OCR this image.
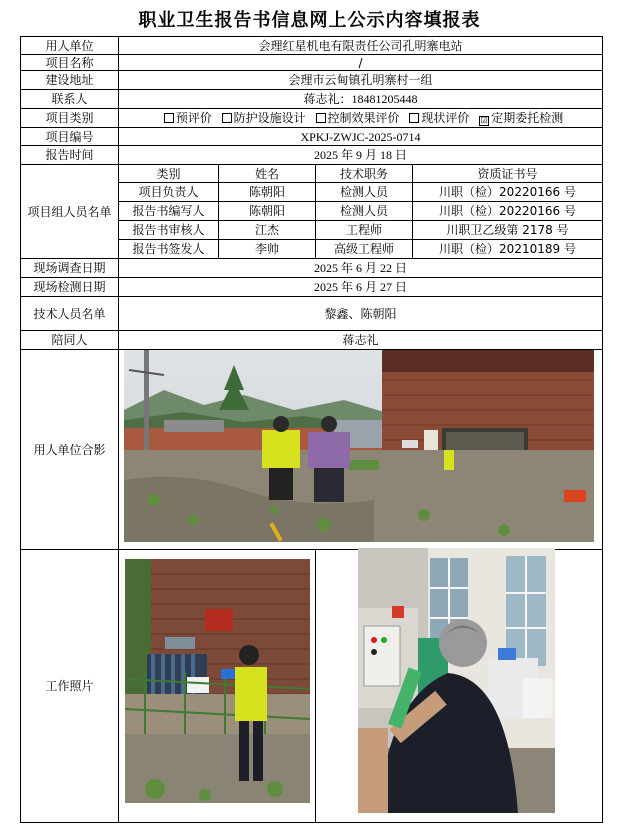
职业卫生报告书信息网上公示内容填报表
用人单位	会理红星机电有限责任公司孔明寨电站			
项目名称	/			
建设地址	会理市云甸镇孔明寨村一组			
联系人	蒋志礼：18481205448			
项目类别	预评价 防护设施设计 控制效果评价 现状评价 ☑ 定期委托检测			
项目编号	XPKJ-ZWJC-2025-0714			
报告时间	2025 年 9 月 18 日			
项目组人员名单	类别	姓名	技术职务	资质证书号
	项目负责人	陈朝阳	检测人员	川职（检）20220166 号
	报告书编写人	陈朝阳	检测人员	川职（检）20220166 号
	报告书审核人	江杰	工程师	川职卫乙级第 2178 号
	报告书签发人	李帅	高级工程师	川职（检）20210189 号
现场调查日期	2025 年 6 月 22 日			
现场检测日期	2025 年 6 月 27 日			
技术人员名单	黎鑫、陈朝阳			
陪同人	蒋志礼			
用人单位合影				
工作照片				
